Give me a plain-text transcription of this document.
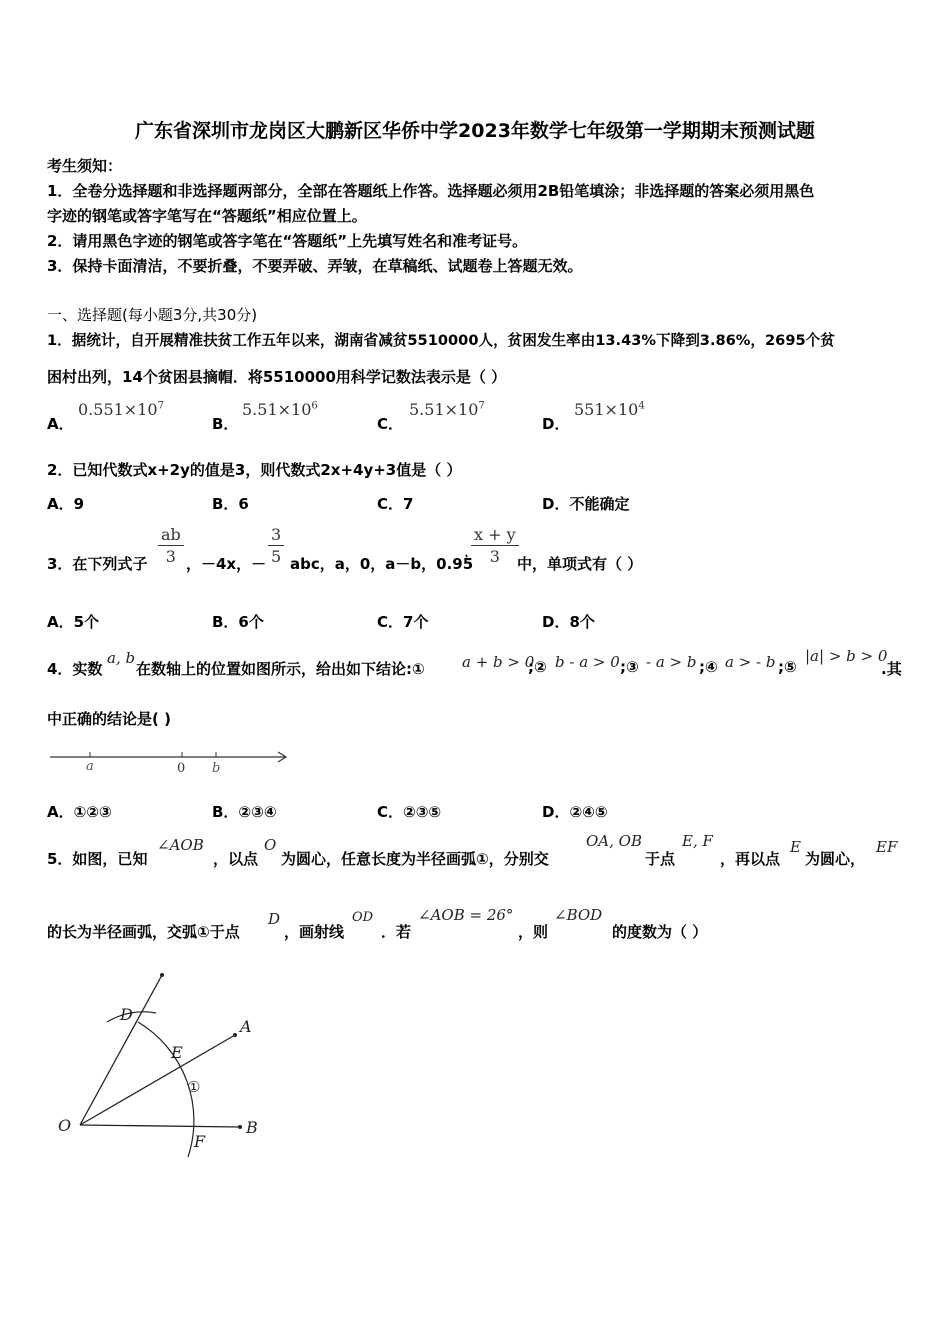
广东省深圳市龙岗区大鹏新区华侨中学2023年数学七年级第一学期期末预测试题
考生须知：
1．全卷分选择题和非选择题两部分，全部在答题纸上作答。选择题必须用2B铅笔填涂；非选择题的答案必须用黑色
字迹的钢笔或答字笔写在“答题纸”相应位置上。
2．请用黑色字迹的钢笔或答字笔在“答题纸”上先填写姓名和准考证号。
3．保持卡面清洁，不要折叠，不要弄破、弄皱，在草稿纸、试题卷上答题无效。
一、选择题(每小题3分,共30分)
1．据统计，自开展精准扶贫工作五年以来，湖南省减贫5510000人，贫困发生率由13.43%下降到3.86%，2695个贫
困村出列，14个贫困县摘帽．将5510000用科学记数法表示是（ ）
A．
$0.551\times 10^7$
B．
$5.51\times 10^6$
C．
$5.51\times 10^7$
D．
$551\times 10^4$
2．已知代数式x+2y的值是3，则代数式2x+4y+3值是（ ）
A．9	B．6	C．7	D．不能确定
3．在下列式子
ab
3 ，－4x，－
3
5 abc，a，0，a－b，0.95
，
x + y
3	中，单项式有（ ）
A．5个	B．6个	C．7个	D．8个
4．实数
a, b
在数轴上的位置如图所示，给出如下结论:① a + b > 0
;② b - a > 0 ;③ - a > b ;④ a > - b ;⑤
|a| > b > 0
.其
中正确的结论是( )
a	0 b
A．①②③	B．②③④	C．②③⑤	D．②④⑤
5．如图，已知
∠AOB
，以点
O
为圆心，任意长度为半径画弧①，分别交
OA, OB
于点
E, F
，再以点
E
为圆心，
EF
的长为半径画弧，交弧①于点
D
，画射线
OD
．若
∠AOB = 26°
，则
∠BOD
的度数为（ ）
O
A
B
D
E
F
①
